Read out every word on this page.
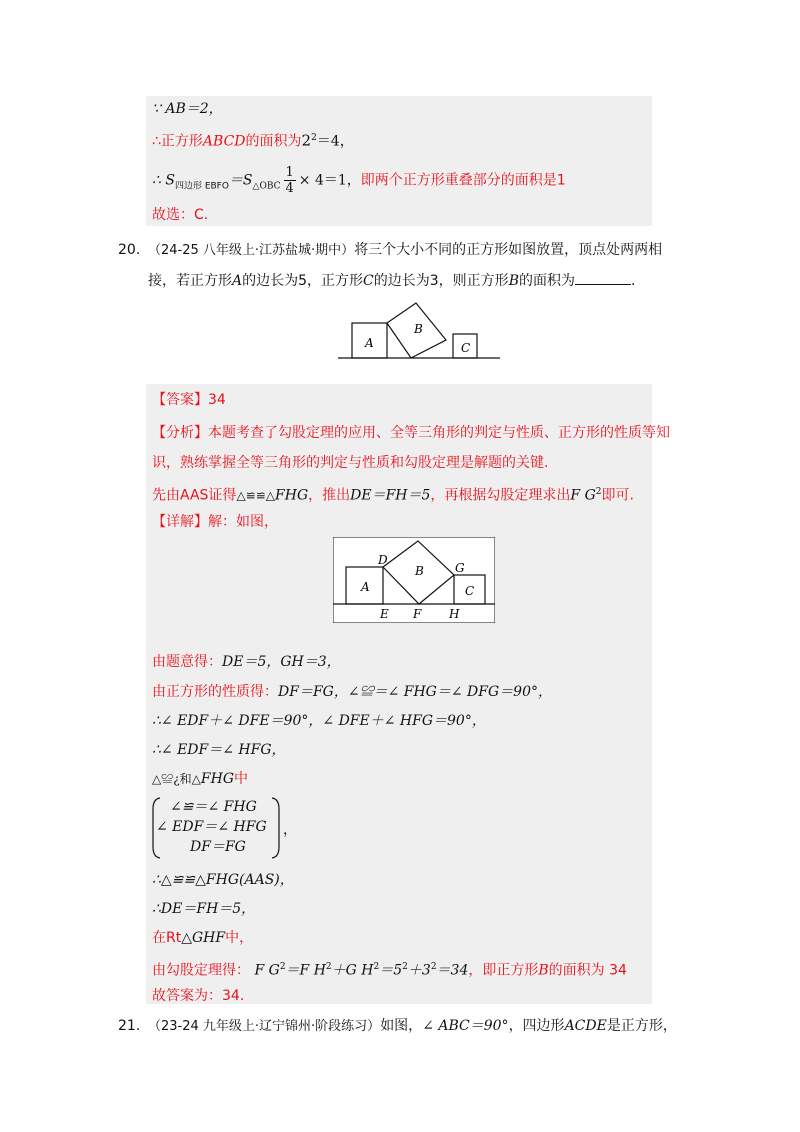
∵ AB＝2，
∴正方形ABCD的面积为$2^2=4$，
∴ $S_{四边形 EBFO}=S_{\triangle OBC} \frac{1}{4} \times 4=1$，即两个正方形重叠部分的面积是1
故选：C.
20. （24-25 八年级上·江苏盐城·期中）将三个大小不同的正方形如图放置，顶点处两两相
接，若正方形A的边长为5，正方形C的边长为3，则正方形B的面积为	.
A
B
C
【答案】34
【分析】本题考查了勾股定理的应用、全等三角形的判定与性质、正方形的性质等知
识，熟练掌握全等三角形的判定与性质和勾股定理是解题的关键.
先由AAS证得△≌≌△FHG，推出DE＝FH＝5，再根据勾股定理求出F $G^2$即可.
【详解】解：如图，
A
B
C
D
E F
G
H
由题意得：DE＝5，GH＝3，
由正方形的性质得：DF＝FG，∠≌＝∠ FHG＝∠ DFG＝90°，
∴∠ EDF＋∠ DFE＝90°，∠ DFE＋∠ HFG＝90°，
∴∠ EDF＝∠ HFG，
△≌¿和△FHG中
∠≌＝∠ FHG
∠ EDF＝∠ HFG
DF＝FG
，
∴△≌≌△FHG(AAS)，
∴DE＝FH＝5，
在Rt△GHF中，
由勾股定理得： F $G^2=F$ $H^2+G$ $H^2=5^2+3^2=34$，即正方形B的面积为 34
故答案为：34.
21. （23-24 九年级上·辽宁锦州·阶段练习）如图，∠ ABC＝90°，四边形ACDE是正方形，
